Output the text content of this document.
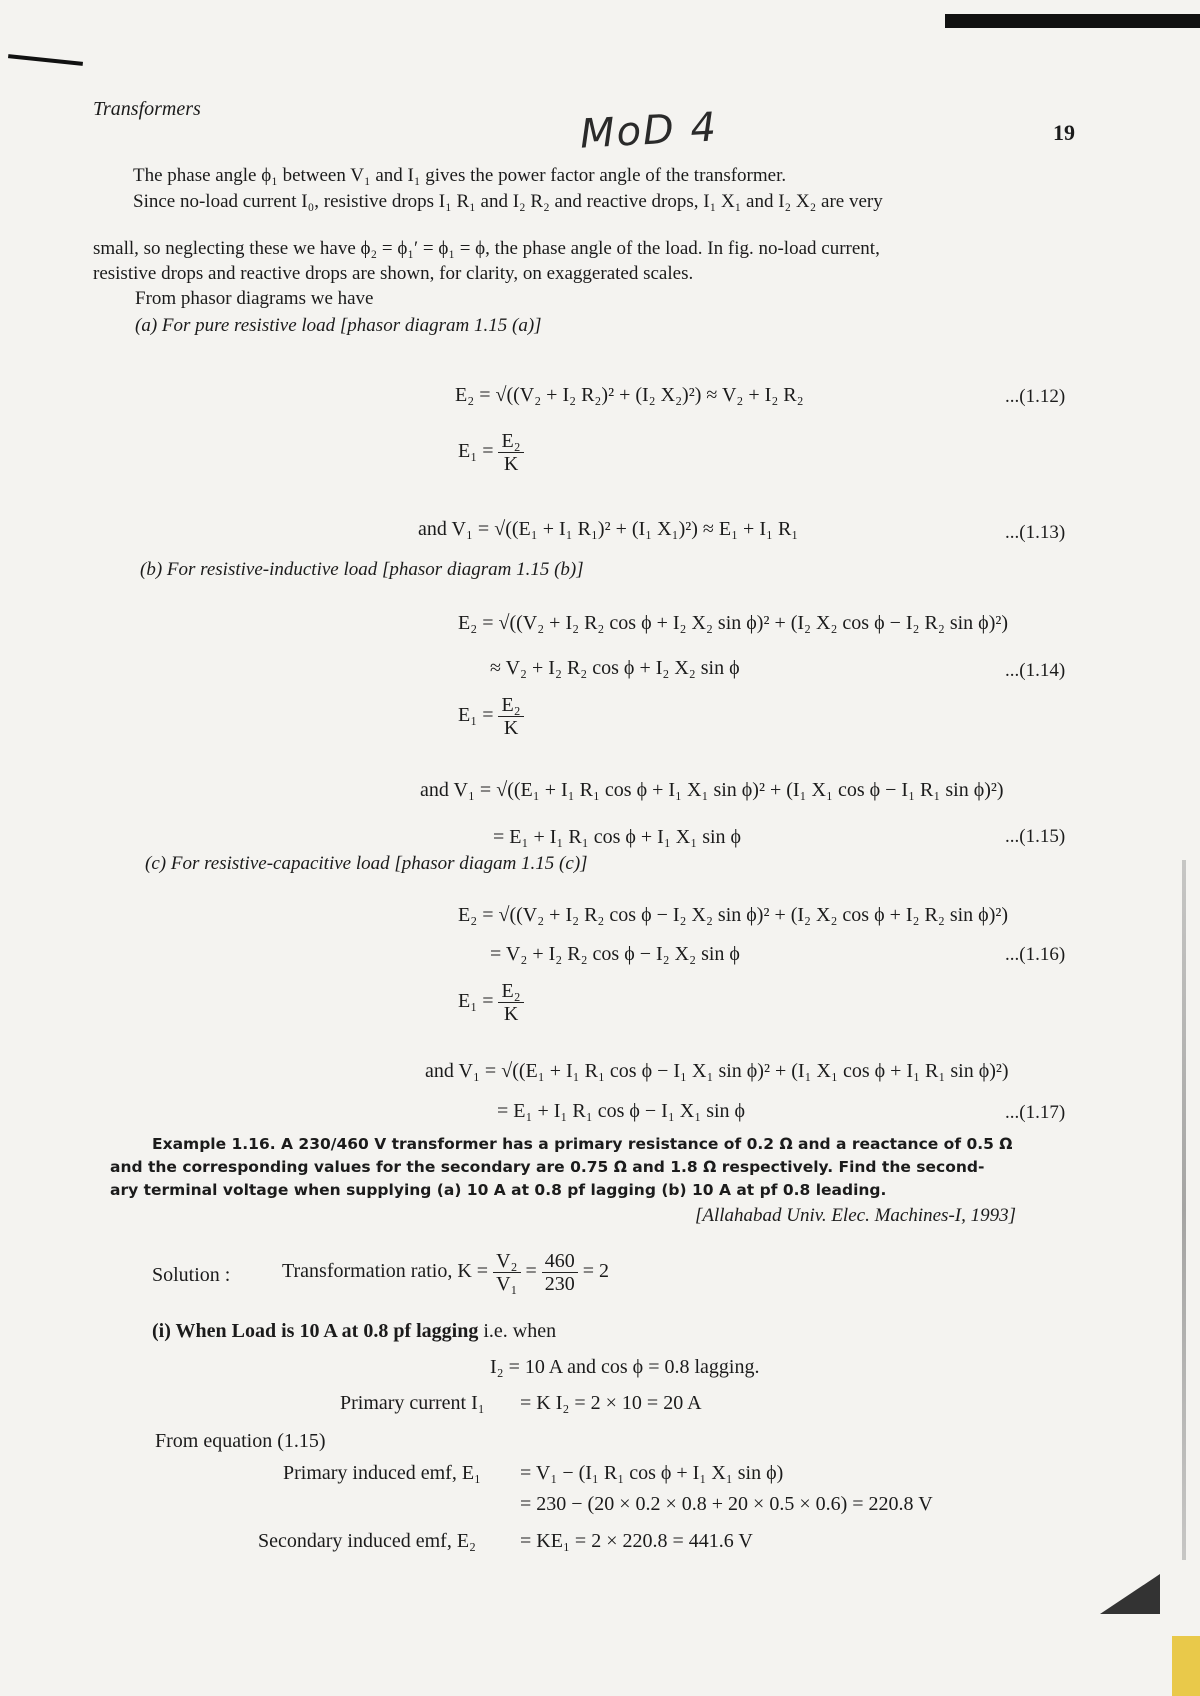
Transformers	MoD 4	19
The phase angle ϕ₁ between V₁ and I₁ gives the power factor angle of the transformer.
Since no-load current I₀, resistive drops I₁ R₁ and I₂ R₂ and reactive drops, I₁ X₁ and I₂ X₂ are very
small, so neglecting these we have ϕ₂ = ϕ₁′ = ϕ₁ = ϕ, the phase angle of the load. In fig. no-load current,
resistive drops and reactive drops are shown, for clarity, on exaggerated scales.
From phasor diagrams we have
(a) For pure resistive load [phasor diagram 1.15 (a)]
E₂ = √((V₂ + I₂ R₂)² + (I₂ X₂)²) ≈ V₂ + I₂ R₂	...(1.12)
$E_1 = \frac{\text{E₂}}{K}$
and V₁ = √((E₁ + I₁ R₁)² + (I₁ X₁)²) ≈ E₁ + I₁ R₁	...(1.13)
(b) For resistive-inductive load [phasor diagram 1.15 (b)]
E₂ = √((V₂ + I₂ R₂ cos ϕ + I₂ X₂ sin ϕ)² + (I₂ X₂ cos ϕ − I₂ R₂ sin ϕ)²)
≈ V₂ + I₂ R₂ cos ϕ + I₂ X₂ sin ϕ	...(1.14)
$E_1 = \frac{\text{E₂}}{K}$
and V₁ = √((E₁ + I₁ R₁ cos ϕ + I₁ X₁ sin ϕ)² + (I₁ X₁ cos ϕ − I₁ R₁ sin ϕ)²)
= E₁ + I₁ R₁ cos ϕ + I₁ X₁ sin ϕ	...(1.15)
(c) For resistive-capacitive load [phasor diagam 1.15 (c)]
E₂ = √((V₂ + I₂ R₂ cos ϕ − I₂ X₂ sin ϕ)² + (I₂ X₂ cos ϕ + I₂ R₂ sin ϕ)²)
= V₂ + I₂ R₂ cos ϕ − I₂ X₂ sin ϕ	...(1.16)
$E_1 = \frac{\text{E₂}}{K}$
and V₁ = √((E₁ + I₁ R₁ cos ϕ − I₁ X₁ sin ϕ)² + (I₁ X₁ cos ϕ + I₁ R₁ sin ϕ)²)
= E₁ + I₁ R₁ cos ϕ − I₁ X₁ sin ϕ	...(1.17)
Example 1.16. A 230/460 V transformer has a primary resistance of 0.2 Ω and a reactance of 0.5 Ω
and the corresponding values for the secondary are 0.75 Ω and 1.8 Ω respectively. Find the second-
ary terminal voltage when supplying (a) 10 A at 0.8 pf lagging (b) 10 A at pf 0.8 leading.
[Allahabad Univ. Elec. Machines-I, 1993]
Solution :	Transformation ratio, $K = \frac{\text{V₂}}{\text{V₁}} = \frac{460}{230} = 2$
(i) When Load is 10 A at 0.8 pf lagging i.e. when
I₂ = 10 A and cos ϕ = 0.8 lagging.
Primary current I₁ = K I₂ = 2 × 10 = 20 A
From equation (1.15)
Primary induced emf, E₁ = V₁ − (I₁ R₁ cos ϕ + I₁ X₁ sin ϕ)
= 230 − (20 × 0.2 × 0.8 + 20 × 0.5 × 0.6) = 220.8 V
Secondary induced emf, E₂ = KE₁ = 2 × 220.8 = 441.6 V
